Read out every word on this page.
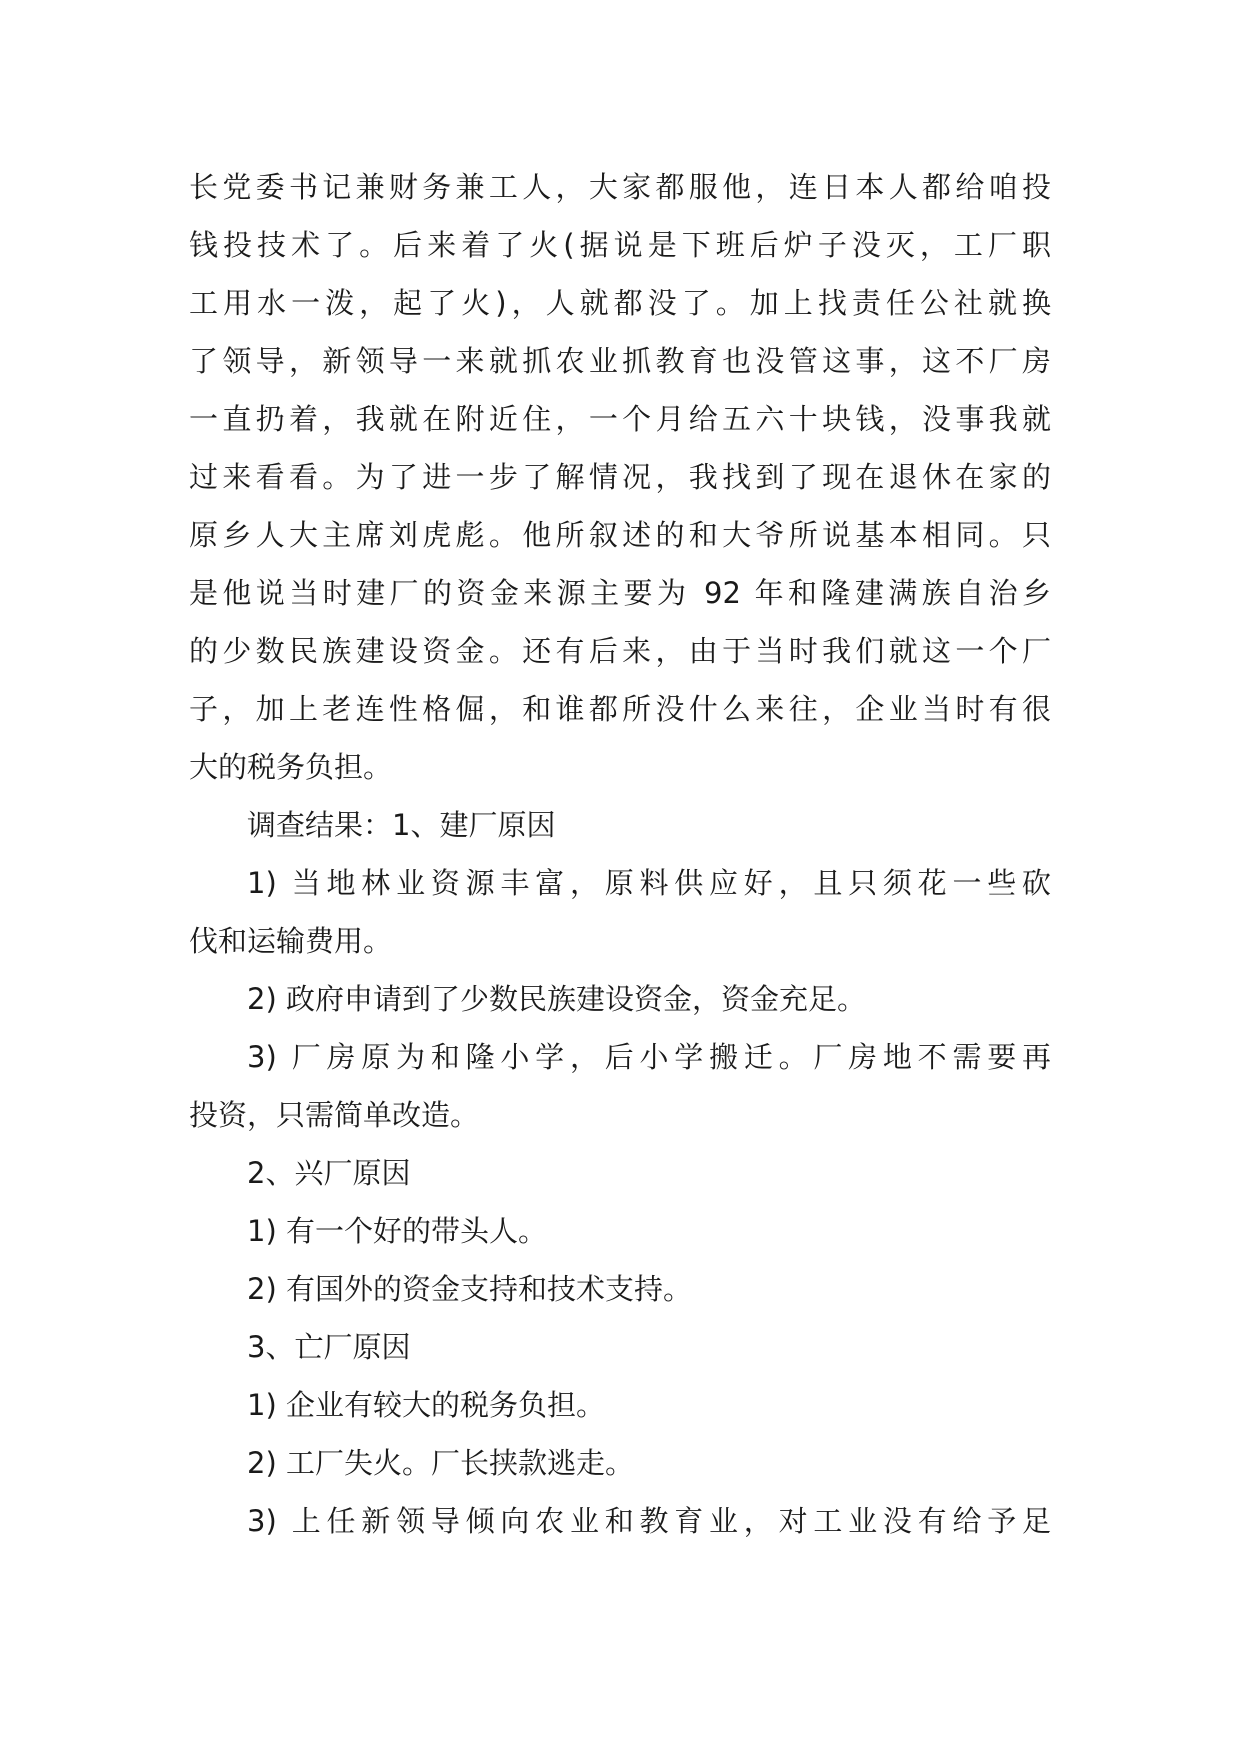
长党委书记兼财务兼工人，大家都服他，连日本人都给咱投
钱投技术了。后来着了火(据说是下班后炉子没灭，工厂职
工用水一泼，起了火)，人就都没了。加上找责任公社就换
了领导，新领导一来就抓农业抓教育也没管这事，这不厂房
一直扔着，我就在附近住，一个月给五六十块钱，没事我就
过来看看。为了进一步了解情况，我找到了现在退休在家的
原乡人大主席刘虎彪。他所叙述的和大爷所说基本相同。只
是他说当时建厂的资金来源主要为 92 年和隆建满族自治乡
的少数民族建设资金。还有后来，由于当时我们就这一个厂
子，加上老连性格倔，和谁都所没什么来往，企业当时有很
大的税务负担。
调查结果：1、建厂原因
1) 当地林业资源丰富，原料供应好，且只须花一些砍
伐和运输费用。
2) 政府申请到了少数民族建设资金，资金充足。
3) 厂房原为和隆小学，后小学搬迁。厂房地不需要再
投资，只需简单改造。
2、兴厂原因
1) 有一个好的带头人。
2) 有国外的资金支持和技术支持。
3、亡厂原因
1) 企业有较大的税务负担。
2) 工厂失火。厂长挟款逃走。
3) 上任新领导倾向农业和教育业，对工业没有给予足
